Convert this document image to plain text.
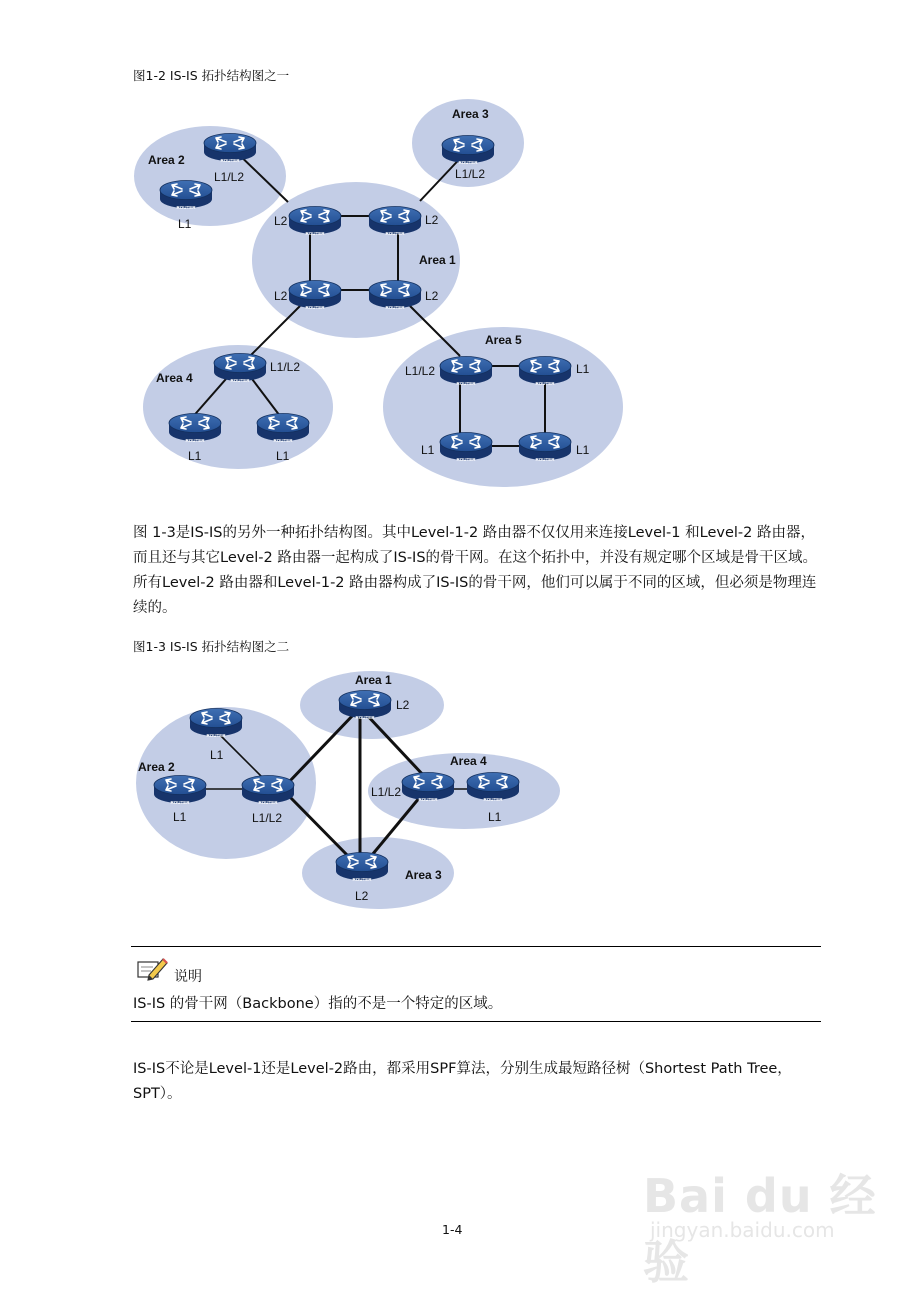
图1-2 IS-IS 拓扑结构图之一
ROUTER
ROUTER
ROUTER
ROUTER	ROUTER
ROUTER	ROUTER
ROUTER
ROUTER	ROUTER
ROUTER	ROUTER
ROUTER	ROUTER
Area 2
Area 3
Area 1
Area 4
Area 5
L1/L2
L1
L1/L2
L2	L2
L2	L2
L1/L2
L1	L1
L1/L2	L1
L1	L1
图 1-3是IS-IS的另外一种拓扑结构图。其中Level-1-2 路由器不仅仅用来连接Level-1 和Level-2 路由器，而且还与其它Level-2 路由器一起构成了IS-IS的骨干网。在这个拓扑中，并没有规定哪个区域是骨干区域。所有Level-2 路由器和Level-1-2 路由器构成了IS-IS的骨干网，他们可以属于不同的区域，但必须是物理连续的。
图1-3 IS-IS 拓扑结构图之二
ROUTER
ROUTER
ROUTER	ROUTER
ROUTER	ROUTER
ROUTER
Area 1
Area 2	Area 4
Area 3
L2
L1
L1	L1/L2
L1/L2
L1
L2
说明
IS-IS 的骨干网（Backbone）指的不是一个特定的区域。
IS-IS不论是Level-1还是Level-2路由，都采用SPF算法，分别生成最短路径树（Shortest Path Tree，SPT）。
1-4
Bai du 经验
jingyan.baidu.com
